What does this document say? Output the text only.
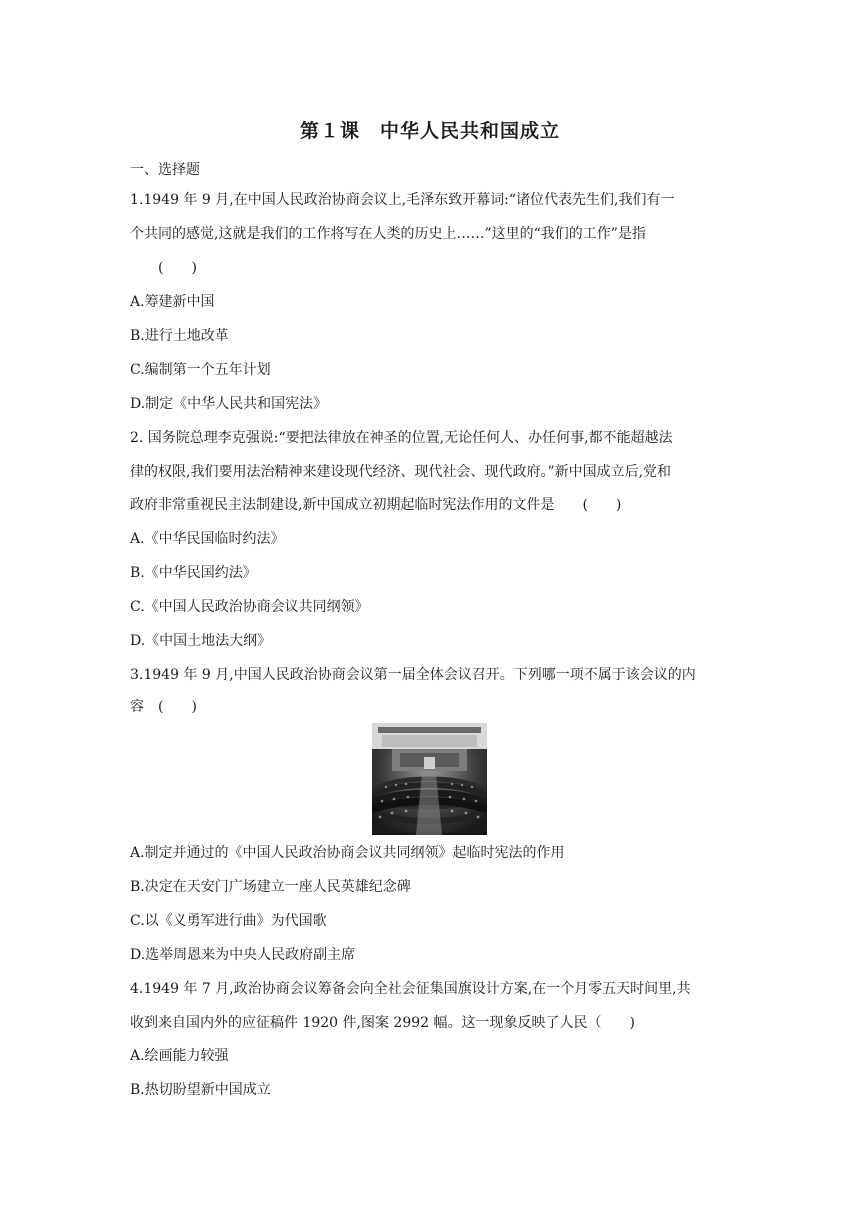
第１课　中华人民共和国成立
一、选择题
1.1949 年 9 月,在中国人民政治协商会议上,毛泽东致开幕词:“诸位代表先生们,我们有一
个共同的感觉,这就是我们的工作将写在人类的历史上……”这里的“我们的工作”是指
(　　)
A.筹建新中国
B.进行土地改革
C.编制第一个五年计划
D.制定《中华人民共和国宪法》
2. 国务院总理李克强说:“要把法律放在神圣的位置,无论任何人、办任何事,都不能超越法
律的权限,我们要用法治精神来建设现代经济、现代社会、现代政府。”新中国成立后,党和
政府非常重视民主法制建设,新中国成立初期起临时宪法作用的文件是　　(　　)
A.《中华民国临时约法》
B.《中华民国约法》
C.《中国人民政治协商会议共同纲领》
D.《中国土地法大纲》
3.1949 年 9 月,中国人民政治协商会议第一届全体会议召开。下列哪一项不属于该会议的内
容　(　　)
A.制定并通过的《中国人民政治协商会议共同纲领》起临时宪法的作用
B.决定在天安门广场建立一座人民英雄纪念碑
C.以《义勇军进行曲》为代国歌
D.选举周恩来为中央人民政府副主席
4.1949 年 7 月,政治协商会议筹备会向全社会征集国旗设计方案,在一个月零五天时间里,共
收到来自国内外的应征稿件 1920 件,图案 2992 幅。这一现象反映了人民（　　)
A.绘画能力较强
B.热切盼望新中国成立
